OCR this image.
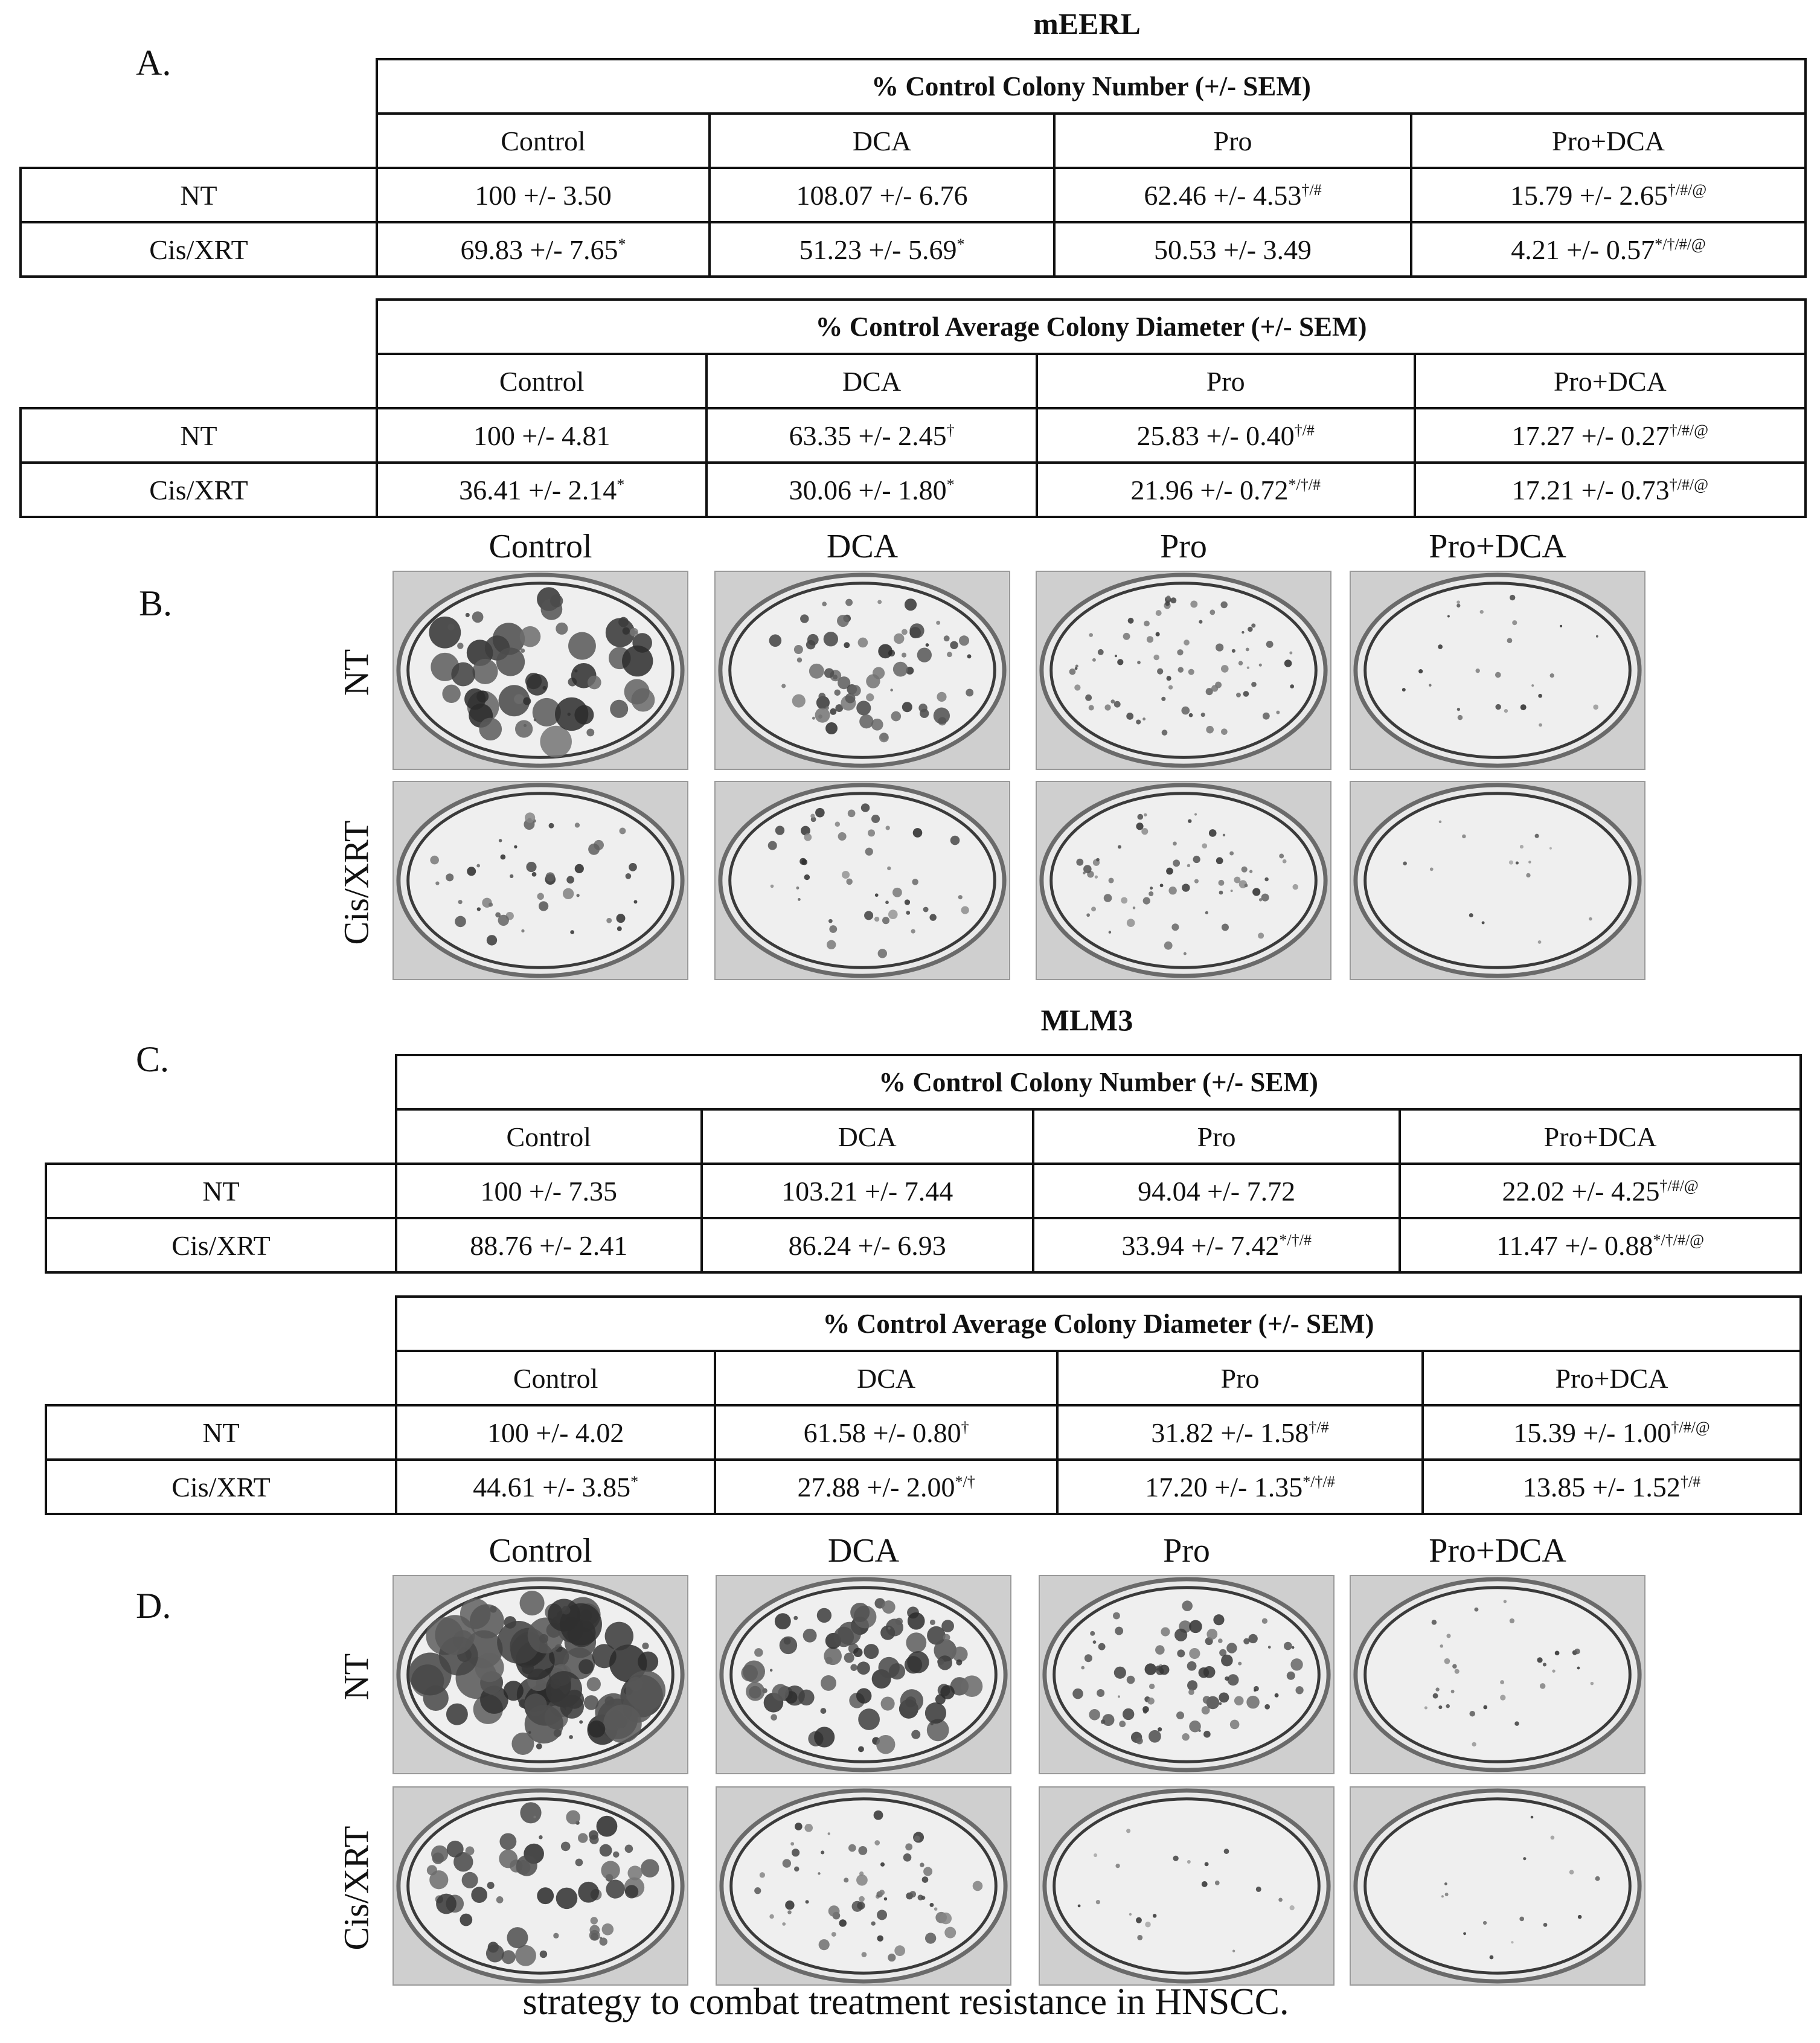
mEERL
A.
	% Control Colony Number (+/- SEM)			
	Control	DCA	Pro	Pro+DCA
NT	100 +/- 3.50	108.07 +/- 6.76	62.46 +/- 4.53†/#	15.79 +/- 2.65†/#/@
Cis/XRT	69.83 +/- 7.65*	51.23 +/- 5.69*	50.53 +/- 3.49	4.21 +/- 0.57*/†/#/@
	% Control Average Colony Diameter (+/- SEM)			
	Control	DCA	Pro	Pro+DCA
NT	100 +/- 4.81	63.35 +/- 2.45†	25.83 +/- 0.40†/#	17.27 +/- 0.27†/#/@
Cis/XRT	36.41 +/- 2.14*	30.06 +/- 1.80*	21.96 +/- 0.72*/†/#	17.21 +/- 0.73†/#/@
B.
Control	DCA	Pro	Pro+DCA
NT
Cis/XRT
MLM3
C.
	% Control Colony Number (+/- SEM)			
	Control	DCA	Pro	Pro+DCA
NT	100 +/- 7.35	103.21 +/- 7.44	94.04 +/- 7.72	22.02 +/- 4.25†/#/@
Cis/XRT	88.76 +/- 2.41	86.24 +/- 6.93	33.94 +/- 7.42*/†/#	11.47 +/- 0.88*/†/#/@
	% Control Average Colony Diameter (+/- SEM)			
	Control	DCA	Pro	Pro+DCA
NT	100 +/- 4.02	61.58 +/- 0.80†	31.82 +/- 1.58†/#	15.39 +/- 1.00†/#/@
Cis/XRT	44.61 +/- 3.85*	27.88 +/- 2.00*/†	17.20 +/- 1.35*/†/#	13.85 +/- 1.52†/#
D.
Control	DCA	Pro	Pro+DCA
NT
Cis/XRT
strategy to combat treatment resistance in HNSCC.
